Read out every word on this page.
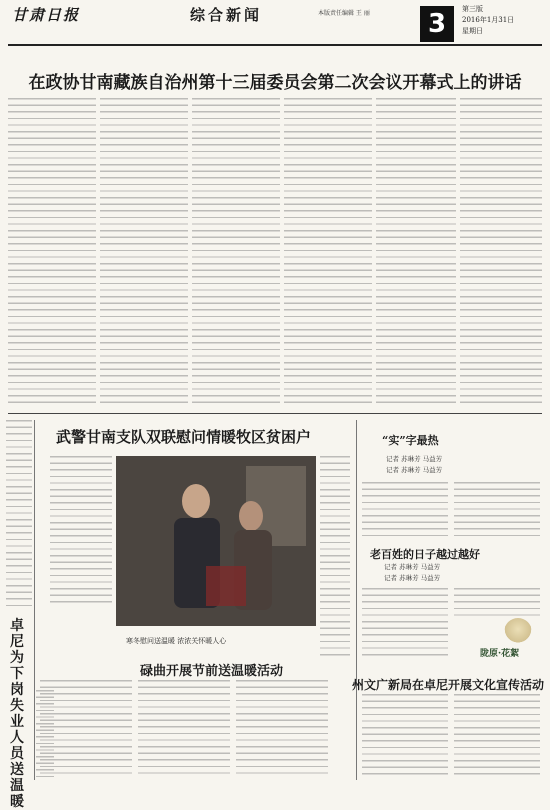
甘肃日报	综合新闻	本版责任编辑 王 丽	3	第三版
2016年1月31日
星期日
在政协甘南藏族自治州第十三届委员会第二次会议开幕式上的讲话
卓尼为下岗失业人员送温暖
武警甘南支队双联慰问情暖牧区贫困户
寒冬慰问送温暖 浓浓关怀暖人心
碌曲开展节前送温暖活动
“实”字最热
记者 苏琳芳 马益芳
记者 苏琳芳 马益芳
老百姓的日子越过越好
记者 苏琳芳 马益芳
记者 苏琳芳 马益芳
陇原·花絮
州文广新局在卓尼开展文化宣传活动
